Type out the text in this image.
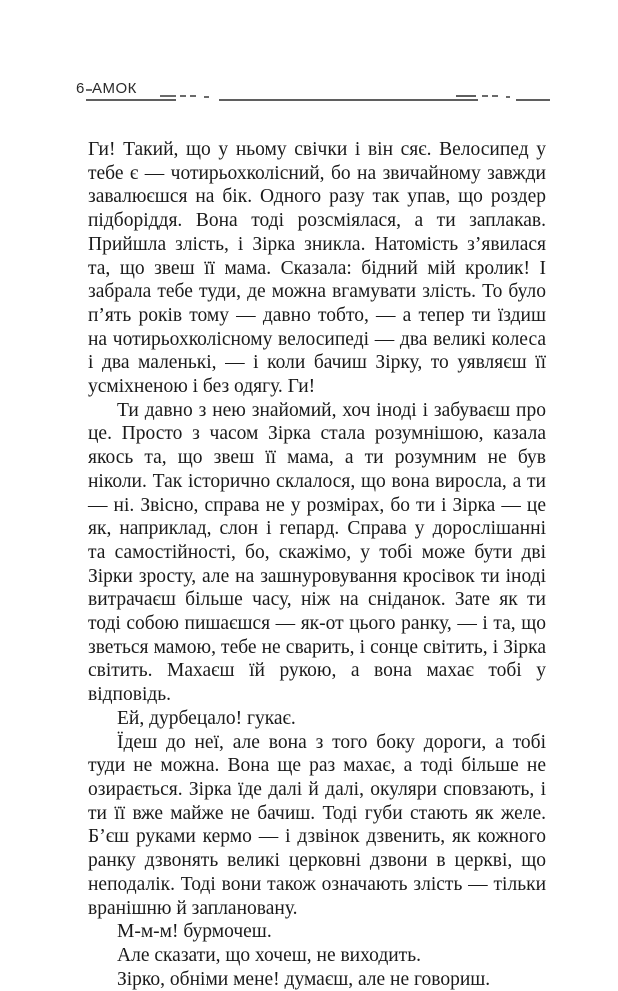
6 АМОК

Ги! Такий, що у ньому свічки і він сяє. Велосипед у тебе є — чотирьохколісний, бо на звичайному завжди завалюєшся на бік. Одного разу так упав, що роздер підборіддя. Вона тоді розсміялася, а ти заплакав. Прийшла злість, і Зірка зникла. Натомість з’явилася та, що звеш її мама. Сказала: бідний мій кролик! І забрала тебе туди, де можна вгамувати злість. То було п’ять років тому — давно тобто, — а тепер ти їздиш на чотирьохколісному велосипеді — два великі колеса і два маленькі, — і коли бачиш Зірку, то уявляєш її усміхненою і без одягу. Ги!

Ти давно з нею знайомий, хоч іноді і забуваєш про це. Просто з часом Зірка стала розумнішою, казала якось та, що звеш її мама, а ти розумним не був ніколи. Так історично склалося, що вона виросла, а ти — ні. Звісно, справа не у розмірах, бо ти і Зірка — це як, наприклад, слон і гепард. Справа у дорослішанні та самостійності, бо, скажімо, у тобі може бути дві Зірки зросту, але на зашнуровування кросівок ти іноді витрачаєш більше часу, ніж на сніданок. Зате як ти тоді собою пишаєшся — як-от цього ранку, — і та, що зветься мамою, тебе не сварить, і сонце світить, і Зірка світить. Махаєш їй рукою, а вона махає тобі у відповідь.

Ей, дурбецало! гукає.

Їдеш до неї, але вона з того боку дороги, а тобі туди не можна. Вона ще раз махає, а тоді більше не озирається. Зірка їде далі й далі, окуляри сповзають, і ти її вже майже не бачиш. Тоді губи стають як желе. Б’єш руками кермо — і дзвінок дзвенить, як кожного ранку дзвонять великі церковні дзвони в церкві, що неподалік. Тоді вони також означають злість — тільки вранішню й заплановану.

М-м-м! бурмочеш.

Але сказати, що хочеш, не виходить.

Зірко, обніми мене! думаєш, але не говориш.
